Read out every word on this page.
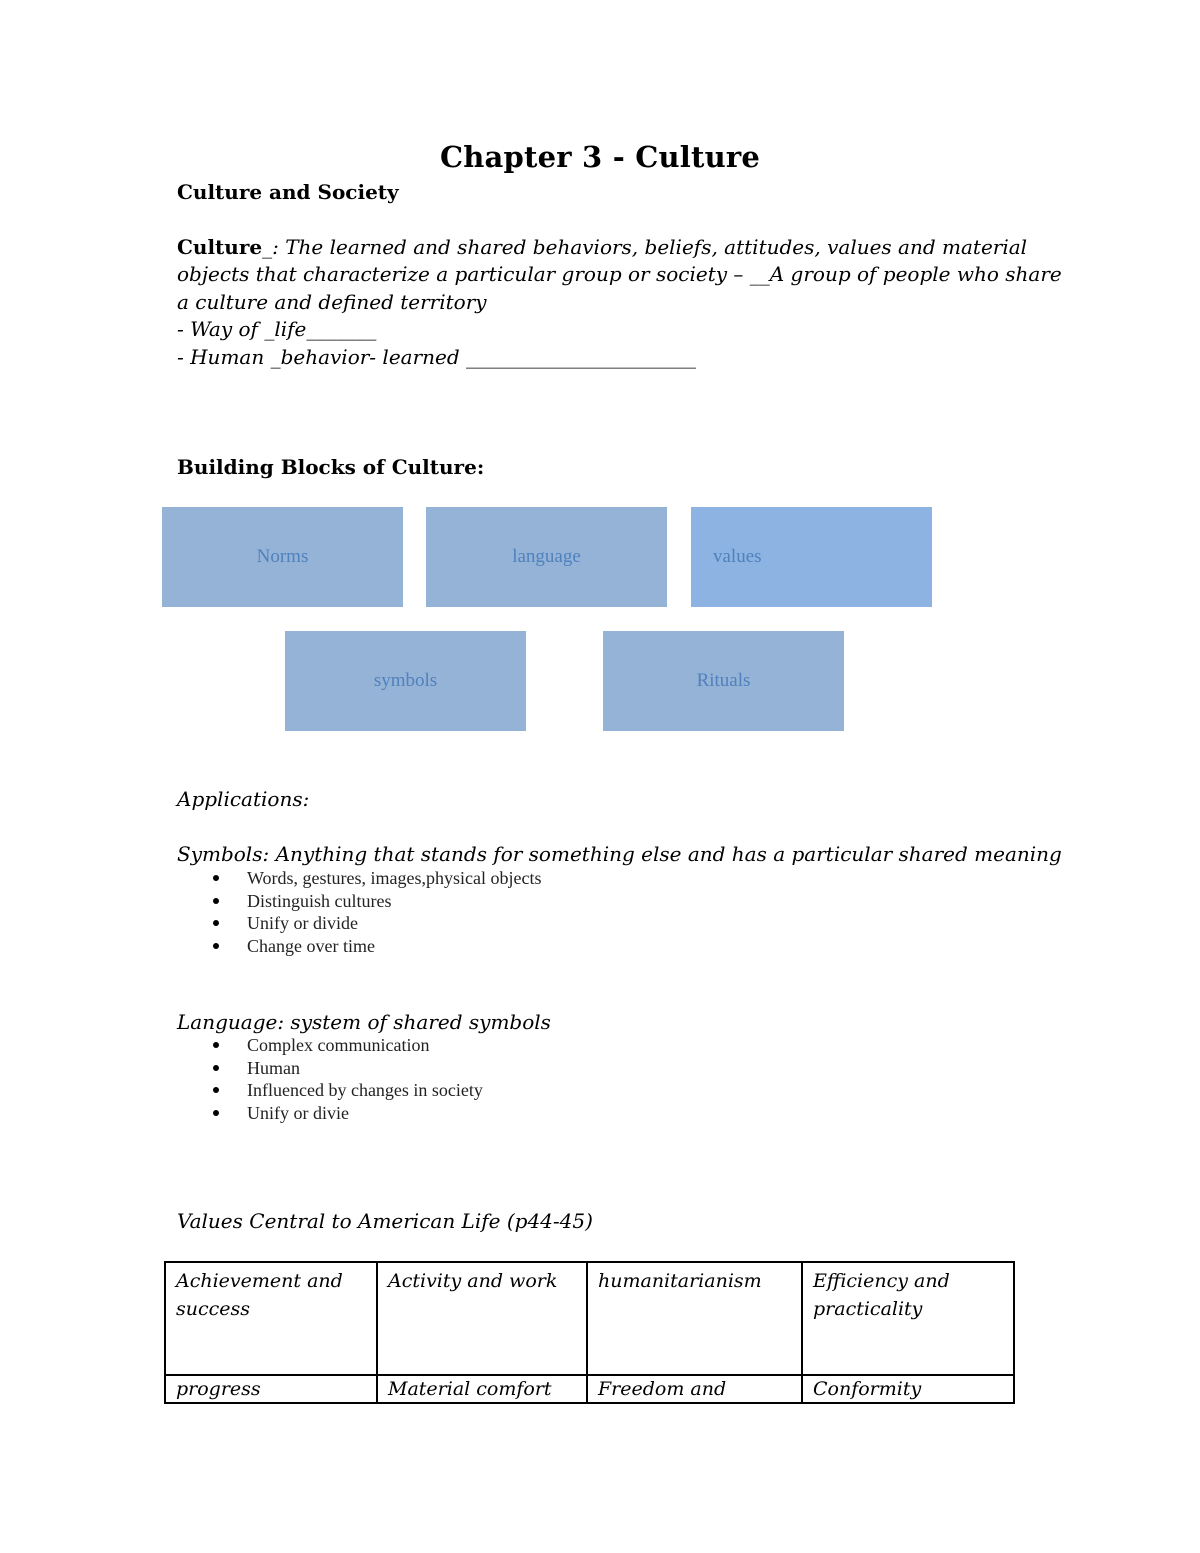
Chapter 3 - Culture
Culture and Society
Culture_: The learned and shared behaviors, beliefs, attitudes, values and material
objects that characterize a particular group or society – __A group of people who share
a culture and defined territory
- Way of _life_______
- Human _behavior- learned _______________________
Building Blocks of Culture:
Norms	language	values
symbols	Rituals
Applications:
Symbols: Anything that stands for something else and has a particular shared meaning
Words, gestures, images,physical objects
Distinguish cultures
Unify or divide
Change over time
Language: system of shared symbols
Complex communication
Human
Influenced by changes in society
Unify or divie
Values Central to American Life (p44-45)
Achievement and success	Activity and work	humanitarianism	Efficiency and practicality
progress	Material comfort	Freedom and	Conformity
